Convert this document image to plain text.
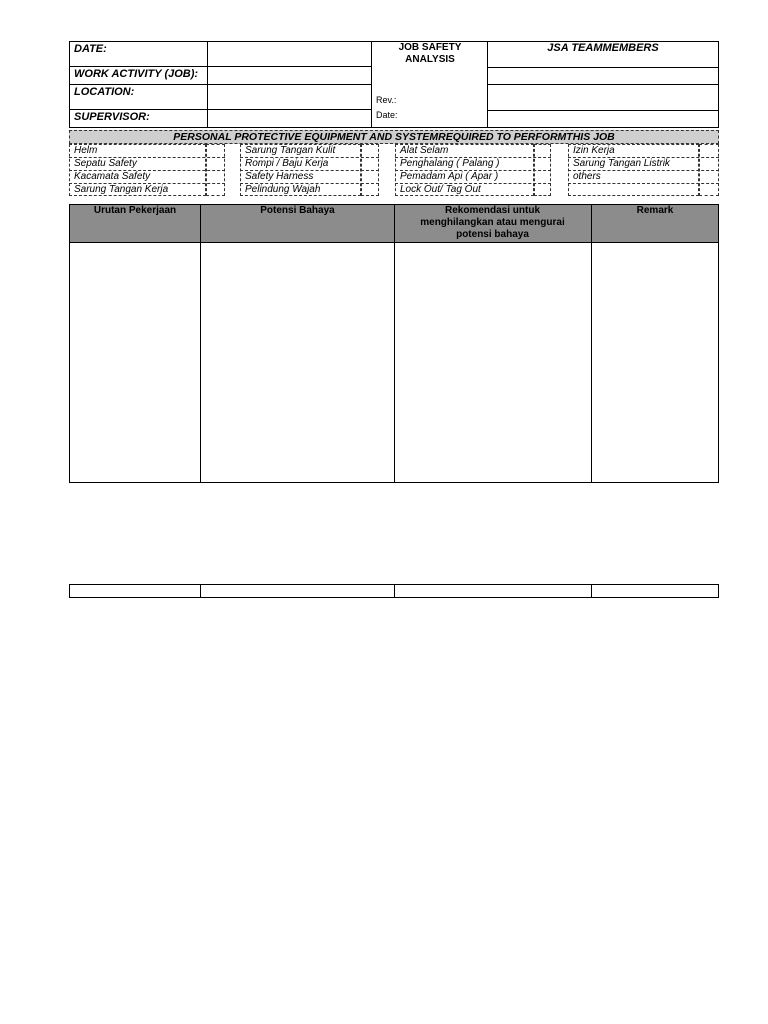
DATE:
WORK ACTIVITY (JOB):
LOCATION:
SUPERVISOR:
JOB SAFETY ANALYSIS
Rev.:
Date:
JSA TEAMMEMBERS
PERSONAL PROTECTIVE EQUIPMENT AND SYSTEMREQUIRED TO PERFORMTHIS JOB
Helm
Sepatu Safety
Kacamata Safety
Sarung Tangan Kerja
Sarung Tangan Kulit
Rompi / Baju Kerja
Safety Harness
Pelindung Wajah
Alat Selam
Penghalang ( Palang )
Pemadam Api ( Apar )
Lock Out/ Tag Out
Izin Kerja
Sarung Tangan Listrik
others
Urutan Pekerjaan	Potensi Bahaya	Rekomendasi untuk menghilangkan atau mengurai potensi bahaya
Remark
